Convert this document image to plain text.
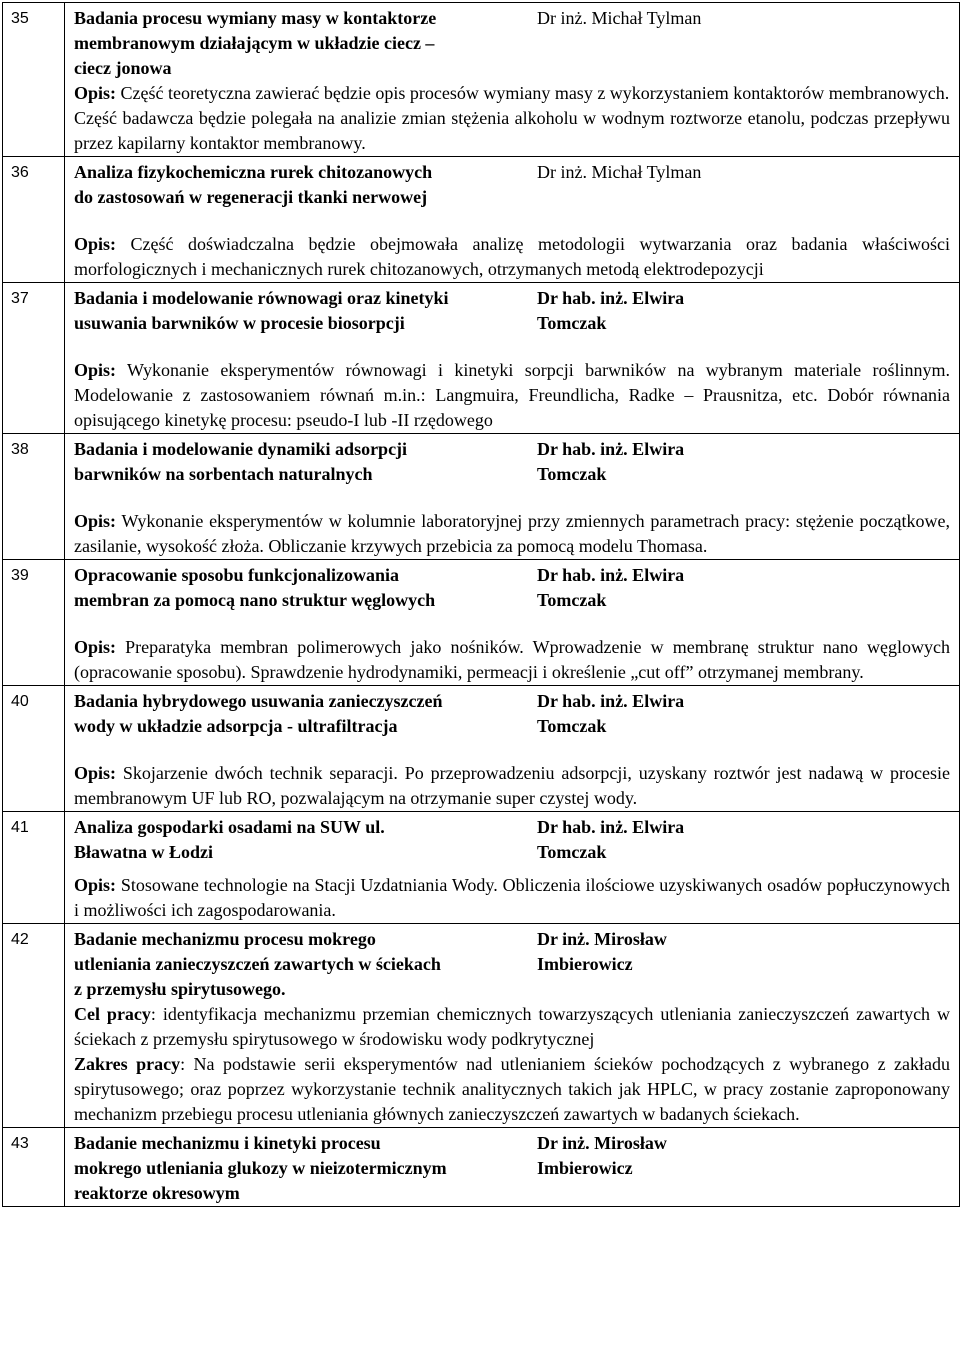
35	Badania procesu wymiany masy w kontaktorze
membranowym działającym w układzie ciecz –
ciecz jonowa
Dr inż. Michał Tylman

Opis: Część teoretyczna zawierać będzie opis procesów wymiany masy z wykorzystaniem kontaktorów membranowych.

Część badawcza będzie polegała na analizie zmian stężenia alkoholu w wodnym roztworze etanolu, podczas przepływu przez kapilarny kontaktor membranowy.

36	Analiza fizykochemiczna rurek chitozanowych
do zastosowań w regeneracji tkanki nerwowej
Dr inż. Michał Tylman

Opis: Część doświadczalna będzie obejmowała analizę metodologii wytwarzania oraz badania właściwości morfologicznych i mechanicznych rurek chitozanowych, otrzymanych metodą elektrodepozycji

37	Badania i modelowanie równowagi oraz kinetyki
usuwania barwników w procesie biosorpcji
Dr hab. inż. Elwira
Tomczak

Opis: Wykonanie eksperymentów równowagi i kinetyki sorpcji barwników na wybranym materiale roślinnym. Modelowanie z zastosowaniem równań m.in.: Langmuira, Freundlicha, Radke – Prausnitza, etc. Dobór równania opisującego kinetykę procesu: pseudo-I lub -II rzędowego

38	Badania i modelowanie dynamiki adsorpcji
barwników na sorbentach naturalnych
Dr hab. inż. Elwira
Tomczak

Opis: Wykonanie eksperymentów w kolumnie laboratoryjnej przy zmiennych parametrach pracy: stężenie początkowe, zasilanie, wysokość złoża. Obliczanie krzywych przebicia za pomocą modelu Thomasa.

39	Opracowanie sposobu funkcjonalizowania
membran za pomocą nano struktur węglowych
Dr hab. inż. Elwira
Tomczak

Opis: Preparatyka membran polimerowych jako nośników. Wprowadzenie w membranę struktur nano węglowych (opracowanie sposobu). Sprawdzenie hydrodynamiki, permeacji i określenie „cut off” otrzymanej membrany.

40	Badania hybrydowego usuwania zanieczyszczeń
wody w układzie adsorpcja - ultrafiltracja
Dr hab. inż. Elwira
Tomczak

Opis: Skojarzenie dwóch technik separacji. Po przeprowadzeniu adsorpcji, uzyskany roztwór jest nadawą w procesie membranowym UF lub RO, pozwalającym na otrzymanie super czystej wody.

41	Analiza gospodarki osadami na SUW ul.
Bławatna w Łodzi
Dr hab. inż. Elwira
Tomczak

Opis: Stosowane technologie na Stacji Uzdatniania Wody. Obliczenia ilościowe uzyskiwanych osadów popłuczynowych i możliwości ich zagospodarowania.

42	Badanie mechanizmu procesu mokrego
utleniania zanieczyszczeń zawartych w ściekach
z przemysłu spirytusowego.
Dr inż. Mirosław
Imbierowicz

Cel pracy: identyfikacja mechanizmu przemian chemicznych towarzyszących utleniania zanieczyszczeń zawartych w ściekach z przemysłu spirytusowego w środowisku wody podkrytycznej

Zakres pracy: Na podstawie serii eksperymentów nad utlenianiem ścieków pochodzących z wybranego z zakładu spirytusowego; oraz poprzez wykorzystanie technik analitycznych takich jak HPLC, w pracy zostanie zaproponowany mechanizm przebiegu procesu utleniania głównych zanieczyszczeń zawartych w badanych ściekach.

43	Badanie mechanizmu i kinetyki procesu
mokrego utleniania glukozy w nieizotermicznym
reaktorze okresowym
Dr inż. Mirosław
Imbierowicz
